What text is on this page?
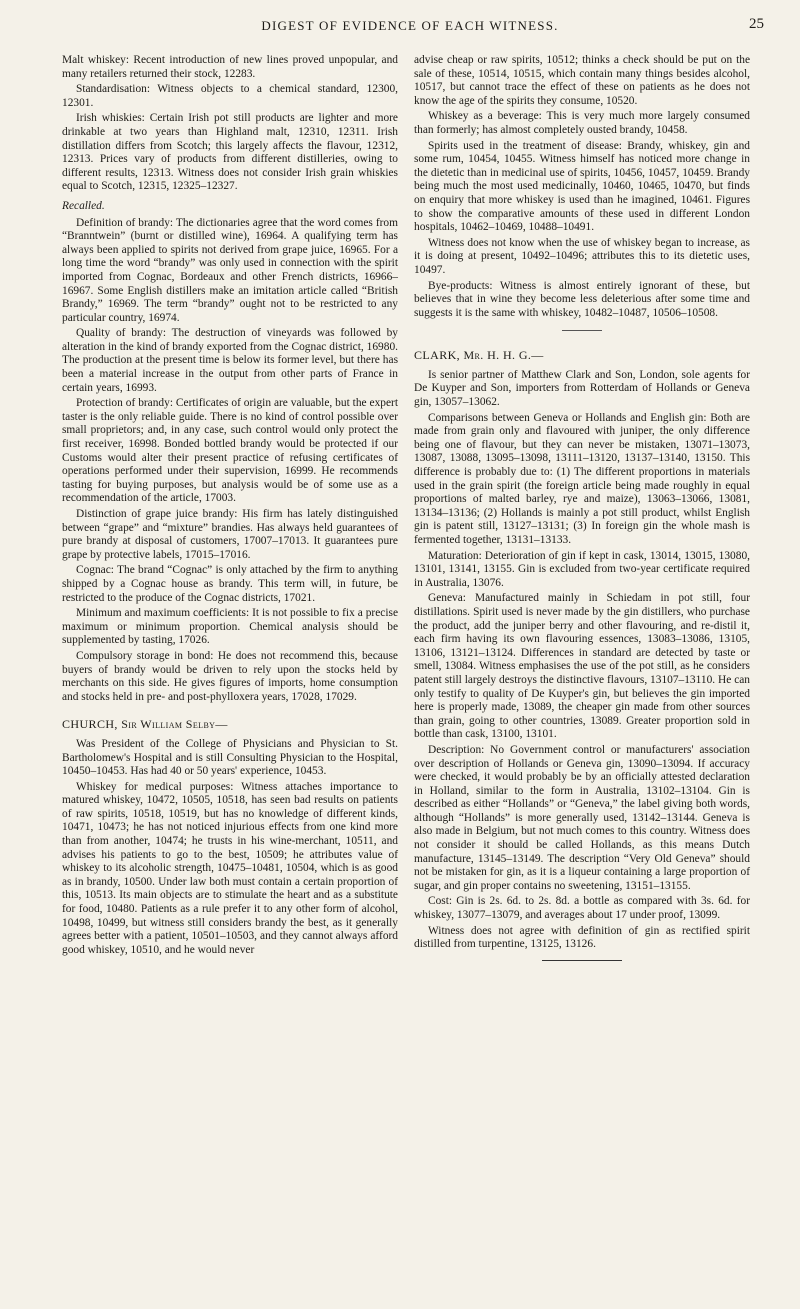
DIGEST OF EVIDENCE OF EACH WITNESS.	25

Malt whiskey: Recent introduction of new lines proved unpopular, and many retailers returned their stock, 12283.

Standardisation: Witness objects to a chemical standard, 12300, 12301.

Irish whiskies: Certain Irish pot still products are lighter and more drinkable at two years than Highland malt, 12310, 12311. Irish distillation differs from Scotch; this largely affects the flavour, 12312, 12313. Prices vary of products from different distilleries, owing to different results, 12313. Witness does not consider Irish grain whiskies equal to Scotch, 12315, 12325–12327.

Recalled.

Definition of brandy: The dictionaries agree that the word comes from “Branntwein” (burnt or distilled wine), 16964. A qualifying term has always been applied to spirits not derived from grape juice, 16965. For a long time the word “brandy” was only used in connection with the spirit imported from Cognac, Bordeaux and other French districts, 16966–16967. Some English distillers make an imitation article called “British Brandy,” 16969. The term “brandy” ought not to be restricted to any particular country, 16974.

Quality of brandy: The destruction of vineyards was followed by alteration in the kind of brandy exported from the Cognac district, 16980. The production at the present time is below its former level, but there has been a material increase in the output from other parts of France in certain years, 16993.

Protection of brandy: Certificates of origin are valuable, but the expert taster is the only reliable guide. There is no kind of control possible over small proprietors; and, in any case, such control would only protect the first receiver, 16998. Bonded bottled brandy would be protected if our Customs would alter their present practice of refusing certificates of operations performed under their supervision, 16999. He recommends tasting for buying purposes, but analysis would be of some use as a recommendation of the article, 17003.

Distinction of grape juice brandy: His firm has lately distinguished between “grape” and “mixture” brandies. Has always held guarantees of pure brandy at disposal of customers, 17007–17013. It guarantees pure grape by protective labels, 17015–17016.

Cognac: The brand “Cognac” is only attached by the firm to anything shipped by a Cognac house as brandy. This term will, in future, be restricted to the produce of the Cognac districts, 17021.

Minimum and maximum coefficients: It is not possible to fix a precise maximum or minimum proportion. Chemical analysis should be supplemented by tasting, 17026.

Compulsory storage in bond: He does not recommend this, because buyers of brandy would be driven to rely upon the stocks held by merchants on this side. He gives figures of imports, home consumption and stocks held in pre- and post-phylloxera years, 17028, 17029.

CHURCH, Sir William Selby—

Was President of the College of Physicians and Physician to St. Bartholomew's Hospital and is still Consulting Physician to the Hospital, 10450–10453. Has had 40 or 50 years' experience, 10453.

Whiskey for medical purposes: Witness attaches importance to matured whiskey, 10472, 10505, 10518, has seen bad results on patients of raw spirits, 10518, 10519, but has no knowledge of different kinds, 10471, 10473; he has not noticed injurious effects from one kind more than from another, 10474; he trusts in his wine-merchant, 10511, and advises his patients to go to the best, 10509; he attributes value of whiskey to its alcoholic strength, 10475–10481, 10504, which is as good as in brandy, 10500. Under law both must contain a certain proportion of this, 10513. Its main objects are to stimulate the heart and as a substitute for food, 10480. Patients as a rule prefer it to any other form of alcohol, 10498, 10499, but witness still considers brandy the best, as it generally agrees better with a patient, 10501–10503, and they cannot always afford good whiskey, 10510, and he would never

advise cheap or raw spirits, 10512; thinks a check should be put on the sale of these, 10514, 10515, which contain many things besides alcohol, 10517, but cannot trace the effect of these on patients as he does not know the age of the spirits they consume, 10520.

Whiskey as a beverage: This is very much more largely consumed than formerly; has almost completely ousted brandy, 10458.

Spirits used in the treatment of disease: Brandy, whiskey, gin and some rum, 10454, 10455. Witness himself has noticed more change in the dietetic than in medicinal use of spirits, 10456, 10457, 10459. Brandy being much the most used medicinally, 10460, 10465, 10470, but finds on enquiry that more whiskey is used than he imagined, 10461. Figures to show the comparative amounts of these used in different London hospitals, 10462–10469, 10488–10491.

Witness does not know when the use of whiskey began to increase, as it is doing at present, 10492–10496; attributes this to its dietetic uses, 10497.

Bye-products: Witness is almost entirely ignorant of these, but believes that in wine they become less deleterious after some time and suggests it is the same with whiskey, 10482–10487, 10506–10508.

CLARK, Mr. H. H. G.—

Is senior partner of Matthew Clark and Son, London, sole agents for De Kuyper and Son, importers from Rotterdam of Hollands or Geneva gin, 13057–13062.

Comparisons between Geneva or Hollands and English gin: Both are made from grain only and flavoured with juniper, the only difference being one of flavour, but they can never be mistaken, 13071–13073, 13087, 13088, 13095–13098, 13111–13120, 13137–13140, 13150. This difference is probably due to: (1) The different proportions in materials used in the grain spirit (the foreign article being made roughly in equal proportions of malted barley, rye and maize), 13063–13066, 13081, 13134–13136; (2) Hollands is mainly a pot still product, whilst English gin is patent still, 13127–13131; (3) In foreign gin the whole mash is fermented together, 13131–13133.

Maturation: Deterioration of gin if kept in cask, 13014, 13015, 13080, 13101, 13141, 13155. Gin is excluded from two-year certificate required in Australia, 13076.

Geneva: Manufactured mainly in Schiedam in pot still, four distillations. Spirit used is never made by the gin distillers, who purchase the product, add the juniper berry and other flavouring, and re-distil it, each firm having its own flavouring essences, 13083–13086, 13105, 13106, 13121–13124. Differences in standard are detected by taste or smell, 13084. Witness emphasises the use of the pot still, as he considers patent still largely destroys the distinctive flavours, 13107–13110. He can only testify to quality of De Kuyper's gin, but believes the gin imported here is properly made, 13089, the cheaper gin made from other sources than grain, going to other countries, 13089. Greater proportion sold in bottle than cask, 13100, 13101.

Description: No Government control or manufacturers' association over description of Hollands or Geneva gin, 13090–13094. If accuracy were checked, it would probably be by an officially attested declaration in Holland, similar to the form in Australia, 13102–13104. Gin is described as either “Hollands” or “Geneva,” the label giving both words, although “Hollands” is more generally used, 13142–13144. Geneva is also made in Belgium, but not much comes to this country. Witness does not consider it should be called Hollands, as this means Dutch manufacture, 13145–13149. The description “Very Old Geneva” should not be mistaken for gin, as it is a liqueur containing a large proportion of sugar, and gin proper contains no sweetening, 13151–13155.

Cost: Gin is 2s. 6d. to 2s. 8d. a bottle as compared with 3s. 6d. for whiskey, 13077–13079, and averages about 17 under proof, 13099.

Witness does not agree with definition of gin as rectified spirit distilled from turpentine, 13125, 13126.
